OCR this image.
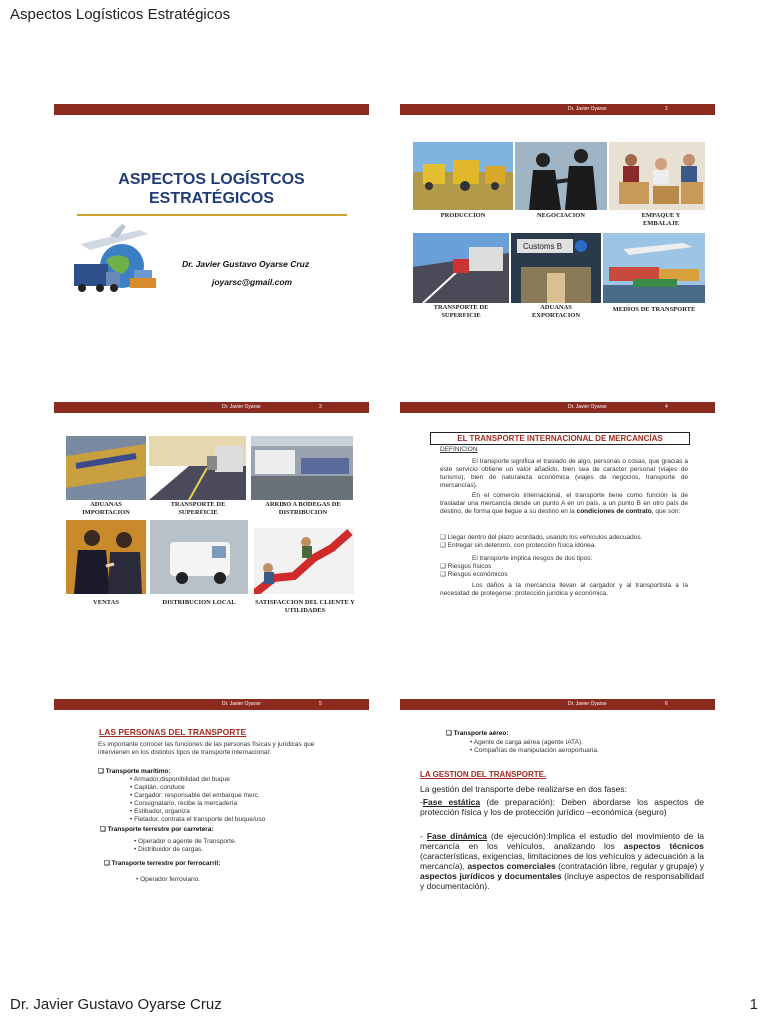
Aspectos Logísticos Estratégicos
ASPECTOS LOGÍSTCOS
ESTRATÉGICOS
Dr. Javier Gustavo Oyarse Cruz
joyarsc@gmail.com
Dr. Javier Oyarse	2
PRODUCCION	NEGOCIACION	EMPAQUE Y EMBALAJE
Customs B
TRANSPORTE DE SUPERFICIE
ADUANAS EXPORTACION
MEDIOS DE TRANSPORTE
Dr. Javier Oyarse	3
ADUANAS IMPORTACION
TRANSPORTE DE SUPERFICIE
ARRIBO A BODEGAS DE DISTRIBUCION
VENTAS	DISTRIBUCION LOCAL	SATISFACCION DEL CLIENTE Y UTILIDADES
Dr. Javier Oyarse	4
EL TRANSPORTE INTERNACIONAL DE MERCANCÍAS
DEFINICION
El transporte significa el traslado de algo, personas o cosas, que gracias a este servicio obtiene un valor añadido, bien sea de carácter personal (viajes de turismo), bien de naturaleza económica (viajes de negocios, transporte de mercancías).
En el comercio internacional, el transporte tiene como función la de trasladar una mercancía desde un punto A en un país, a un punto B en otro país de destino, de forma que llegue a su destino en la condiciones de contrato, que son:
❑ Llegar dentro del plazo acordado, usando los vehículos adecuados.
❑ Entregar sin deterioro, con protección física idónea.
El transporte implica riesgos de dos tipos:
❑ Riesgos físicos
❑ Riesgos económicos
Los daños a la mercancía llevan al cargador y al transportista a la necesidad de protegerse: protección jurídica y económica.
Dr. Javier Oyarse	5
LAS PERSONAS DEL TRANSPORTE
Es importante conocer las funciones de las personas físicas y jurídicas que intervienen en los distintos tipos de transporte internacional:
❑ Transporte marítimo:
• Armador,disponibilidad del buque
• Capitán, conduce
• Cargador: responsable del embarque merc.
• Consignatario, recibe la mercadería
• Estibador, organiza
• Fletador, contrata el transporte del buque/uso
❑ Transporte terrestre por carretera:
• Operador o agente de Transporte.
• Distribuidor de cargas.
❑ Transporte terrestre por ferrocarril:
• Operador ferroviario.
Dr. Javier Oyarse	6
❑ Transporte aéreo:
• Agente de carga aérea (agente IATA).
• Compañías de manipulación aeroportuaria.
LA GESTION DEL TRANSPORTE.
La gestión del transporte debe realizarse en dos fases:
-Fase estática (de preparación): Deben abordarse los aspectos de protección física y los de protección jurídico –económica (seguro)
- Fase dinámica (de ejecución):Implica el estudio del movimiento de la mercancía en los vehículos, analizando los aspectos técnicos (características, exigencias, limitaciones de los vehículos y adecuación a la mercancía), aspectos comerciales (contratación libre, regular y grupaje) y aspectos jurídicos y documentales (incluye aspectos de responsabilidad y documentación).
Dr. Javier Gustavo Oyarse Cruz	1
